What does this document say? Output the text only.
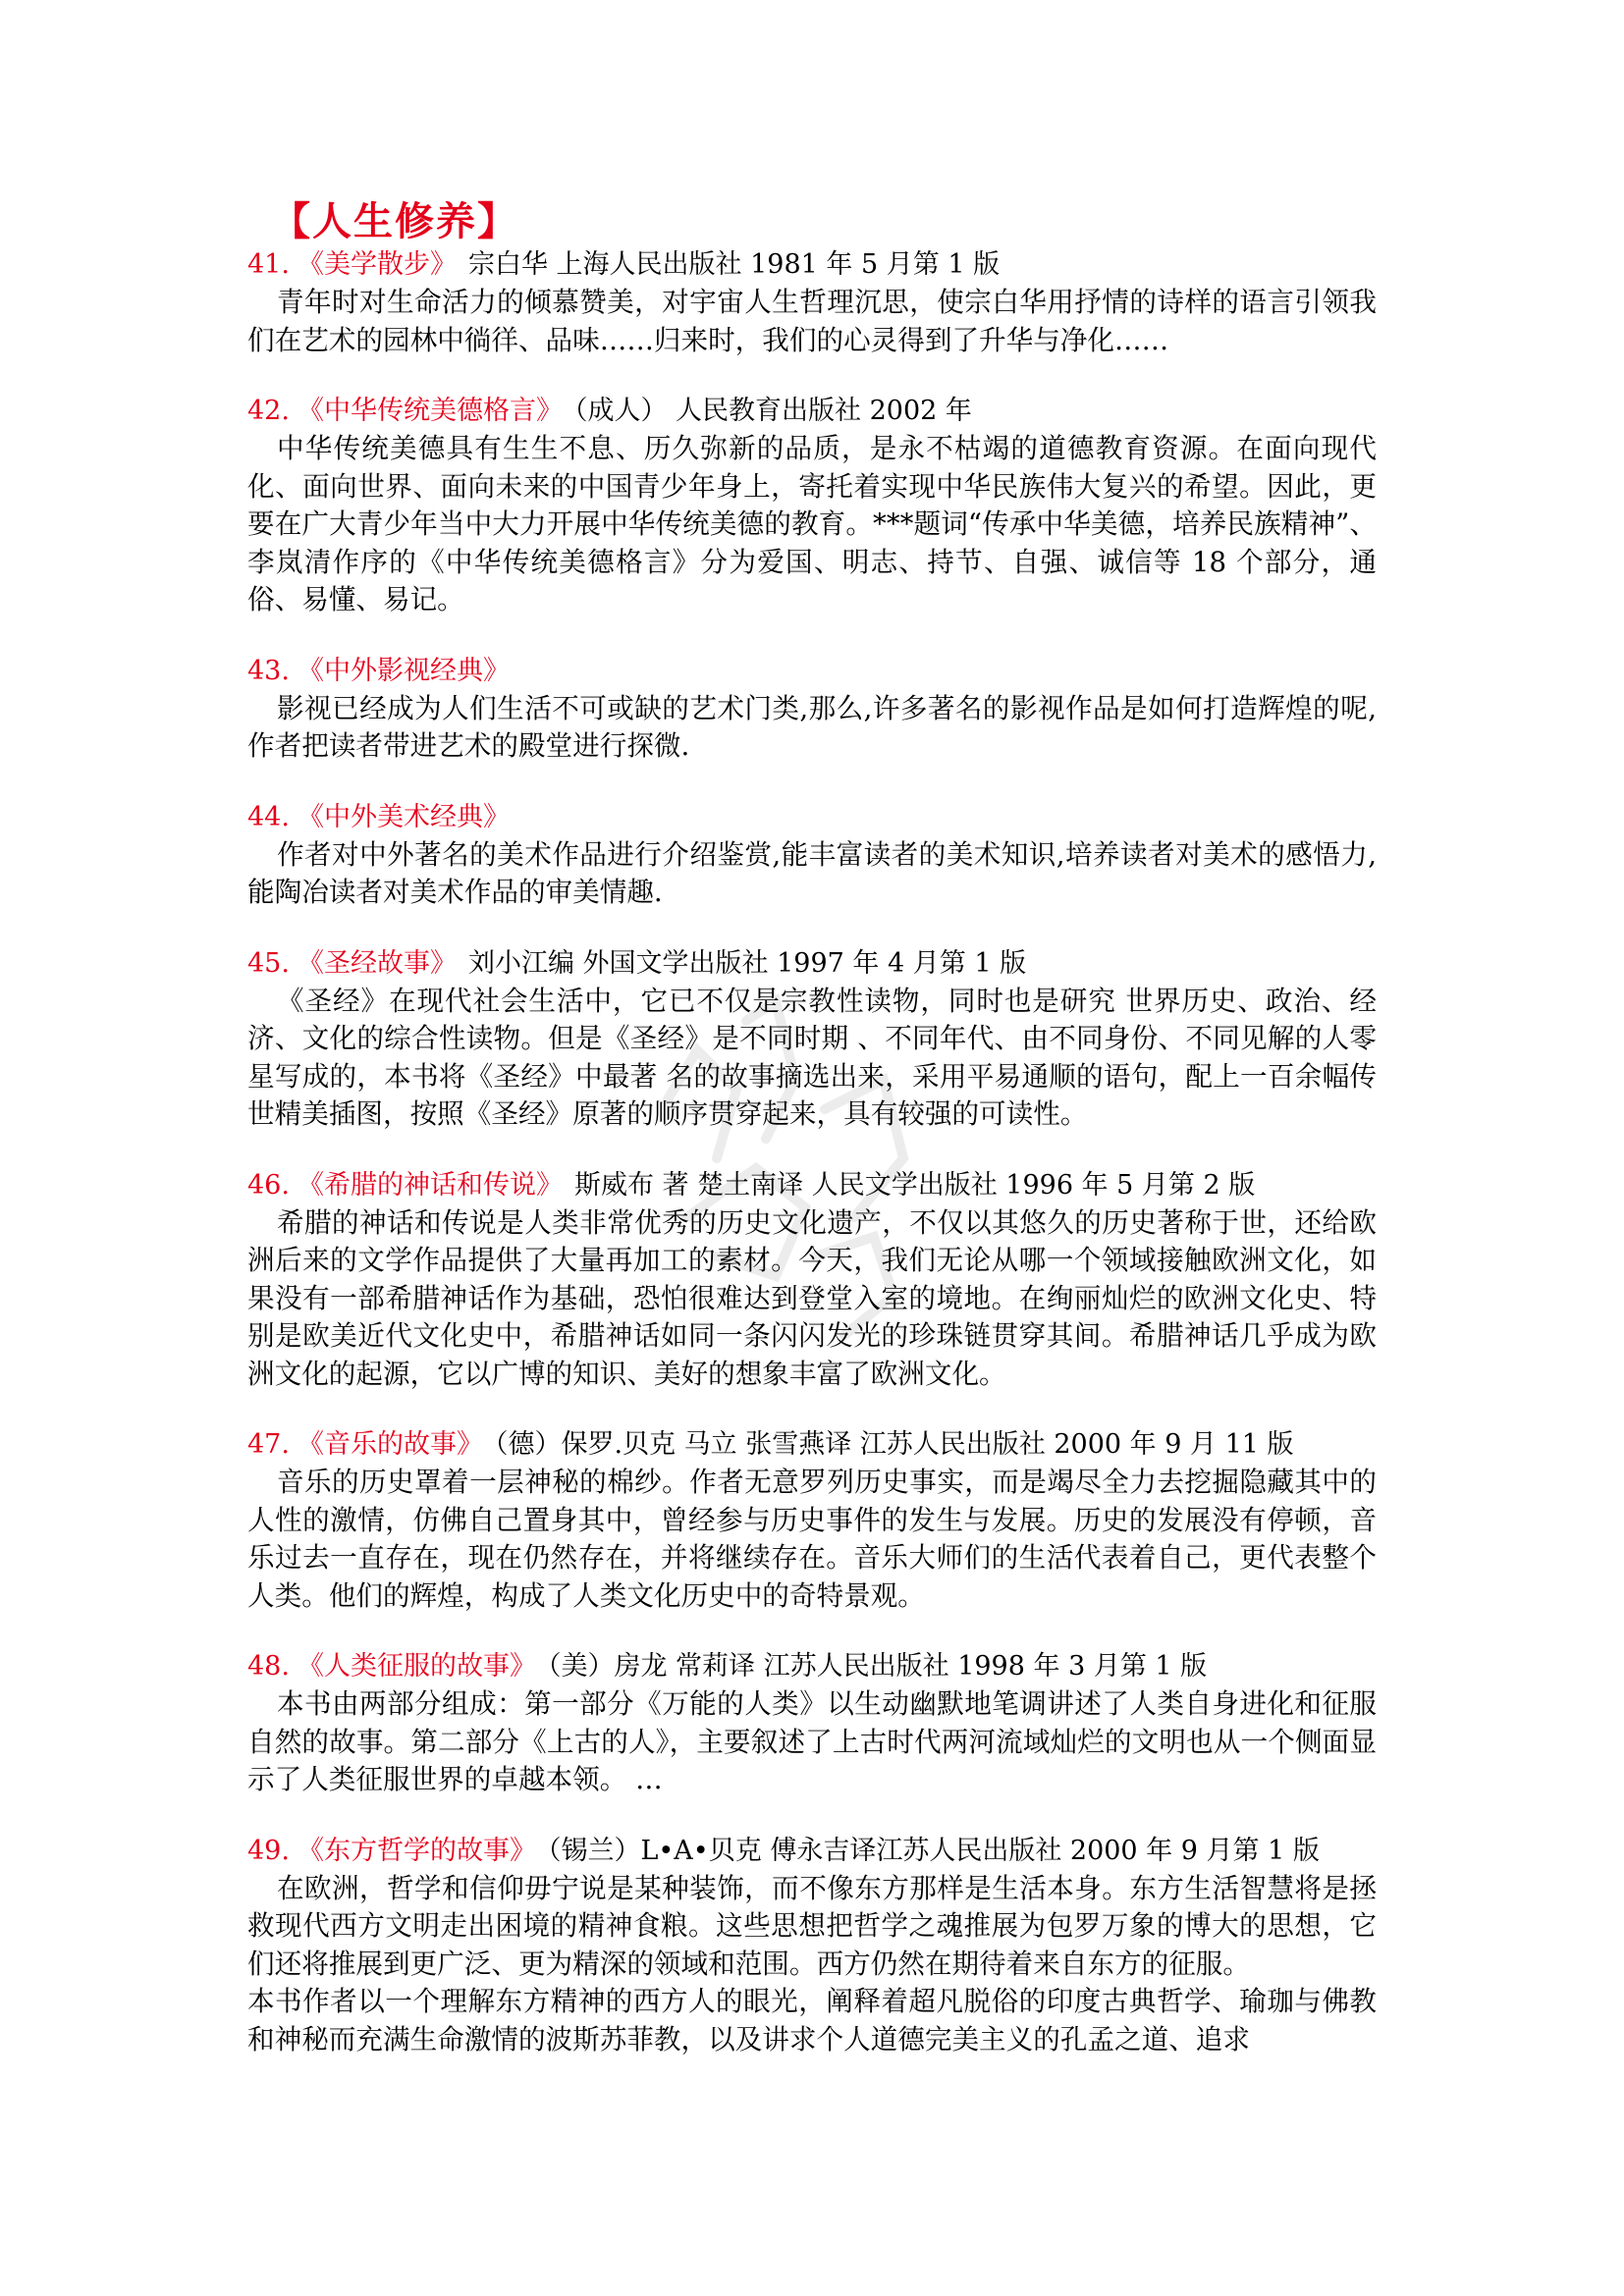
【人生修养】
41. 《美学散步》 宗白华 上海人民出版社 1981 年 5 月第 1 版

青年时对生命活力的倾慕赞美，对宇宙人生哲理沉思，使宗白华用抒情的诗样的语言引领我们在艺术的园林中徜徉、品味……归来时，我们的心灵得到了升华与净化……

42. 《中华传统美德格言》 （成人） 人民教育出版社 2002 年

中华传统美德具有生生不息、历久弥新的品质，是永不枯竭的道德教育资源。在面向现代化、面向世界、面向未来的中国青少年身上，寄托着实现中华民族伟大复兴的希望。因此，更要在广大青少年当中大力开展中华传统美德的教育。***题词“传承中华美德，培养民族精神”、李岚清作序的《中华传统美德格言》分为爱国、明志、持节、自强、诚信等 18 个部分，通俗、易懂、易记。

43. 《中外影视经典》

影视已经成为人们生活不可或缺的艺术门类,那么,许多著名的影视作品是如何打造辉煌的呢,作者把读者带进艺术的殿堂进行探微.

44. 《中外美术经典》

作者对中外著名的美术作品进行介绍鉴赏,能丰富读者的美术知识,培养读者对美术的感悟力,能陶冶读者对美术作品的审美情趣.

45. 《圣经故事》 刘小江编 外国文学出版社 1997 年 4 月第 1 版

《圣经》在现代社会生活中，它已不仅是宗教性读物，同时也是研究 世界历史、政治、经济、文化的综合性读物。但是《圣经》是不同时期 、不同年代、由不同身份、不同见解的人零星写成的，本书将《圣经》中最著 名的故事摘选出来，采用平易通顺的语句，配上一百余幅传世精美插图，按照《圣经》原著的顺序贯穿起来，具有较强的可读性。

46. 《希腊的神话和传说》 斯威布 著 楚土南译 人民文学出版社 1996 年 5 月第 2 版

希腊的神话和传说是人类非常优秀的历史文化遗产，不仅以其悠久的历史著称于世，还给欧洲后来的文学作品提供了大量再加工的素材。今天，我们无论从哪一个领域接触欧洲文化，如果没有一部希腊神话作为基础，恐怕很难达到登堂入室的境地。在绚丽灿烂的欧洲文化史、特别是欧美近代文化史中，希腊神话如同一条闪闪发光的珍珠链贯穿其间。希腊神话几乎成为欧洲文化的起源，它以广博的知识、美好的想象丰富了欧洲文化。

47. 《音乐的故事》 （德）保罗.贝克 马立 张雪燕译 江苏人民出版社 2000 年 9 月 11 版

音乐的历史罩着一层神秘的棉纱。作者无意罗列历史事实，而是竭尽全力去挖掘隐藏其中的人性的激情，仿佛自己置身其中，曾经参与历史事件的发生与发展。历史的发展没有停顿，音乐过去一直存在，现在仍然存在，并将继续存在。音乐大师们的生活代表着自己，更代表整个人类。他们的辉煌，构成了人类文化历史中的奇特景观。

48. 《人类征服的故事》 （美）房龙 常莉译 江苏人民出版社 1998 年 3 月第 1 版

本书由两部分组成：第一部分《万能的人类》以生动幽默地笔调讲述了人类自身进化和征服自然的故事。第二部分《上古的人》，主要叙述了上古时代两河流域灿烂的文明也从一个侧面显示了人类征服世界的卓越本领。 …

49. 《东方哲学的故事》 （锡兰）L•A•贝克 傅永吉译江苏人民出版社 2000 年 9 月第 1 版

在欧洲，哲学和信仰毋宁说是某种装饰，而不像东方那样是生活本身。东方生活智慧将是拯救现代西方文明走出困境的精神食粮。这些思想把哲学之魂推展为包罗万象的博大的思想，它们还将推展到更广泛、更为精深的领域和范围。西方仍然在期待着来自东方的征服。

本书作者以一个理解东方精神的西方人的眼光，阐释着超凡脱俗的印度古典哲学、瑜珈与佛教和神秘而充满生命激情的波斯苏菲教，以及讲求个人道德完美主义的孔孟之道、追求
